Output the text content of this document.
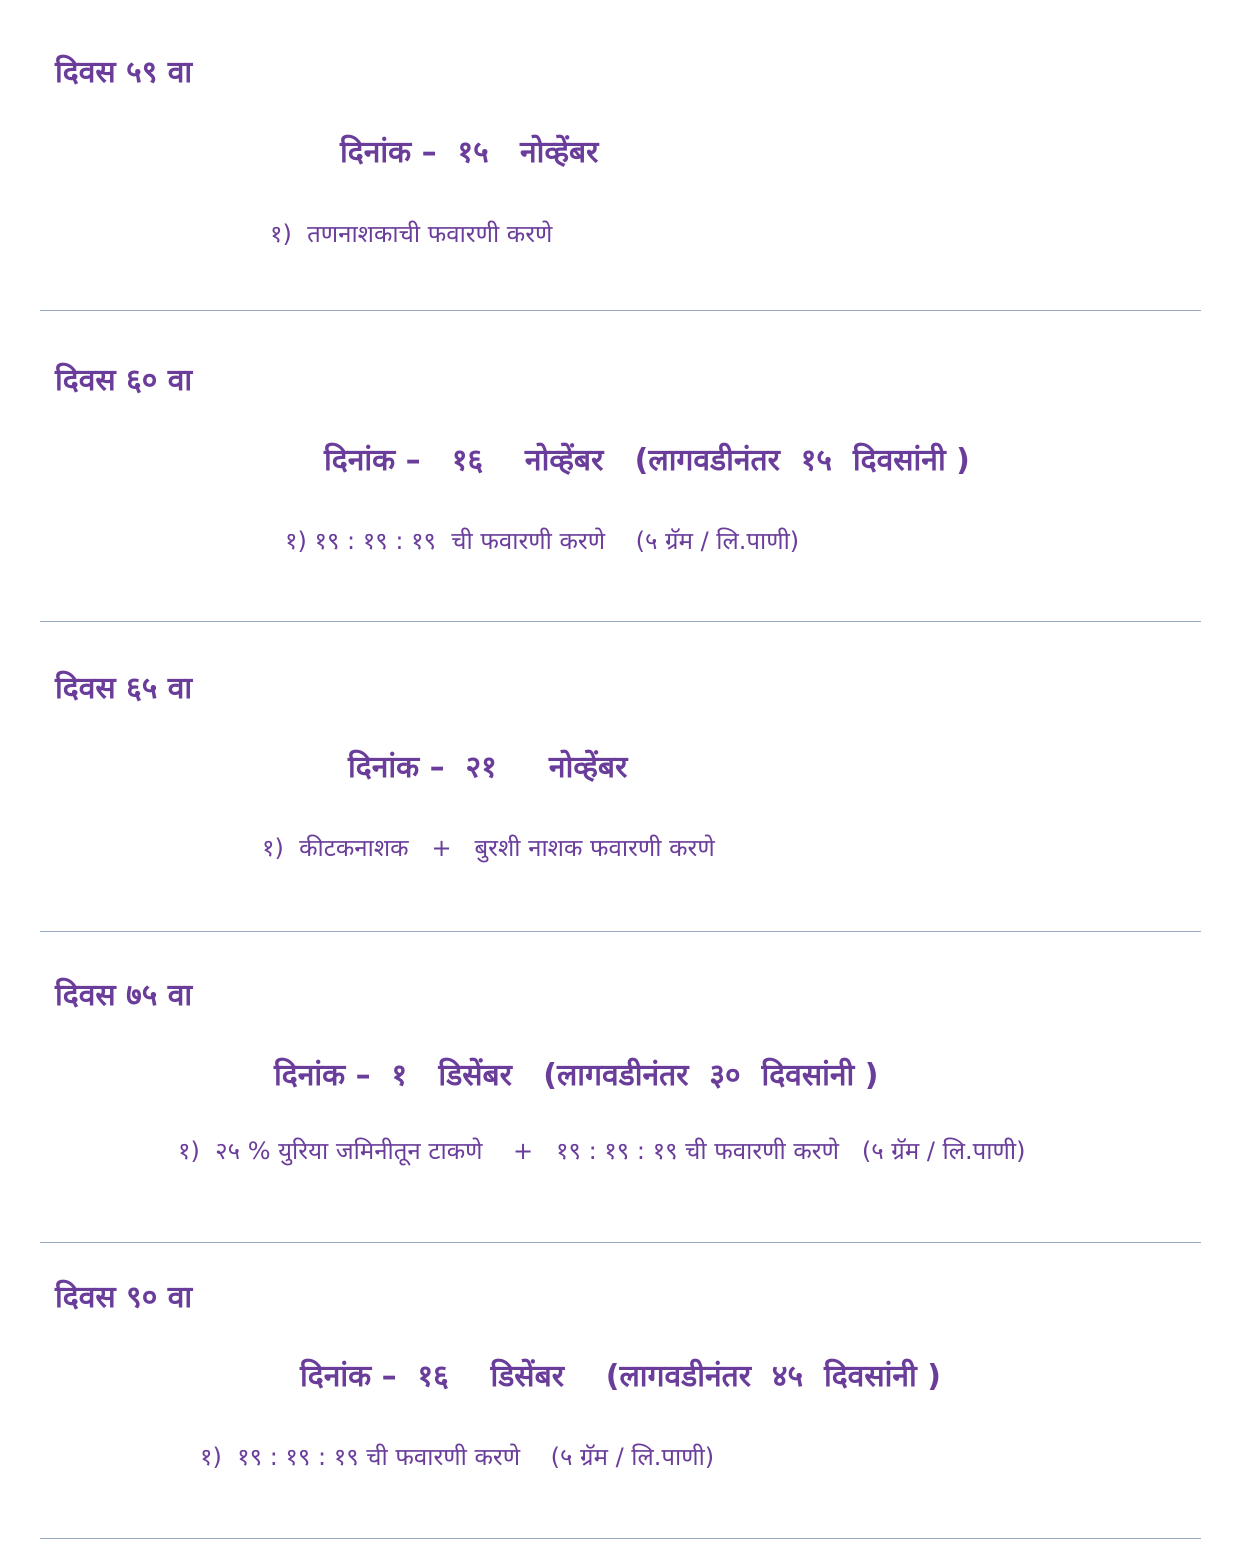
दिवस ५९ वा
दिनांक –  १५   नोव्हेंबर
१)  तणनाशकाची फवारणी करणे
दिवस ६० वा
दिनांक –   १६    नोव्हेंबर   (लागवडीनंतर  १५  दिवसांनी )
१) १९ : १९ : १९  ची फवारणी करणे    (५ ग्रॅम / लि.पाणी)
दिवस ६५ वा
दिनांक –  २१     नोव्हेंबर
१)  कीटकनाशक   +   बुरशी नाशक फवारणी करणे
दिवस ७५ वा
दिनांक –  १   डिसेंबर   (लागवडीनंतर  ३०  दिवसांनी )
१)  २५ % युरिया जमिनीतून टाकणे    +   १९ : १९ : १९ ची फवारणी करणे   (५ ग्रॅम / लि.पाणी)
दिवस ९० वा
दिनांक –  १६    डिसेंबर    (लागवडीनंतर  ४५  दिवसांनी )
१)  १९ : १९ : १९ ची फवारणी करणे    (५ ग्रॅम / लि.पाणी)
